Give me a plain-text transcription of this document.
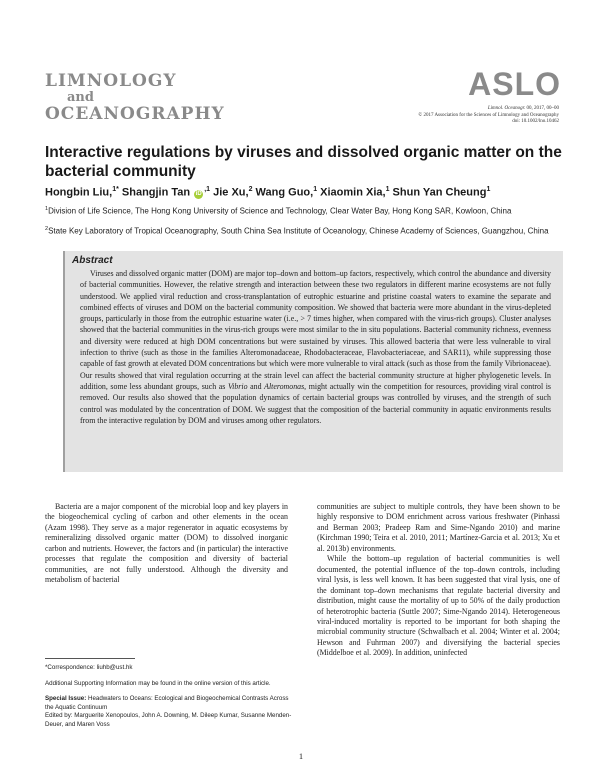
LIMNOLOGY
and
OCEANOGRAPHY
ASLO
Limnol. Oceanogr. 00, 2017, 00–00
© 2017 Association for the Sciences of Limnology and Oceanography
doi: 10.1002/lno.10462
Interactive regulations by viruses and dissolved organic matter on the bacterial community
Hongbin Liu,$^{1*}$ Shangjin Tan $iD^{,1}$ Jie Xu,$^2$ Wang Guo,$^1$ Xiaomin Xia,$^1$ Shun Yan Cheung$^1$

$^1$Division of Life Science, The Hong Kong University of Science and Technology, Clear Water Bay, Hong Kong SAR, Kowloon, China

$^2$State Key Laboratory of Tropical Oceanography, South China Sea Institute of Oceanology, Chinese Academy of Sciences, Guangzhou, China

Abstract
Viruses and dissolved organic matter (DOM) are major top–down and bottom–up factors, respectively, which control the abundance and diversity of bacterial communities. However, the relative strength and interaction between these two regulators in different marine ecosystems are not fully understood. We applied viral reduction and cross-transplantation of eutrophic estuarine and pristine coastal waters to examine the separate and combined effects of viruses and DOM on the bacterial community composition. We showed that bacteria were more abundant in the virus-depleted groups, particularly in those from the eutrophic estuarine water (i.e., > 7 times higher, when compared with the virus-rich groups). Cluster analyses showed that the bacterial communities in the virus-rich groups were most similar to the in situ populations. Bacterial community richness, evenness and diversity were reduced at high DOM concentrations but were sustained by viruses. This allowed bacteria that were less vulnerable to viral infection to thrive (such as those in the families Alteromonadaceae, Rhodobacteraceae, Flavobacteriaceae, and SAR11), while suppressing those capable of fast growth at elevated DOM concentrations but which were more vulnerable to viral attack (such as those from the family Vibrionaceae). Our results showed that viral regulation occurring at the strain level can affect the bacterial community structure at higher phylogenetic levels. In addition, some less abundant groups, such as Vibrio and Alteromonas, might actually win the competition for resources, providing viral control is removed. Our results also showed that the population dynamics of certain bacterial groups was controlled by viruses, and the strength of such control was modulated by the concentration of DOM. We suggest that the composition of the bacterial community in aquatic environments results from the interactive regulation by DOM and viruses among other regulators.

Bacteria are a major component of the microbial loop and key players in the biogeochemical cycling of carbon and other elements in the ocean (Azam 1998). They serve as a major regenerator in aquatic ecosystems by remineralizing dissolved organic matter (DOM) to dissolved inorganic carbon and nutrients. However, the factors and (in particular) the interactive processes that regulate the composition and diversity of bacterial communities, are not fully understood. Although the diversity and metabolism of bacterial

communities are subject to multiple controls, they have been shown to be highly responsive to DOM enrichment across various freshwater (Pinhassi and Berman 2003; Pradeep Ram and Sime-Ngando 2010) and marine (Kirchman 1990; Teira et al. 2010, 2011; Martínez-Garcia et al. 2013; Xu et al. 2013b) environments.

While the bottom–up regulation of bacterial communities is well documented, the potential influence of the top–down controls, including viral lysis, is less well known. It has been suggested that viral lysis, one of the dominant top–down mechanisms that regulate bacterial diversity and distribution, might cause the mortality of up to 50% of the daily production of heterotrophic bacteria (Suttle 2007; Sime-Ngando 2014). Heterogeneous viral-induced mortality is reported to be important for both shaping the microbial community structure (Schwalbach et al. 2004; Winter et al. 2004; Hewson and Fuhrman 2007) and diversifying the bacterial species (Middelboe et al. 2009). In addition, uninfected

*Correspondence: liuhb@ust.hk

Additional Supporting Information may be found in the online version of this article.

Special Issue: Headwaters to Oceans: Ecological and Biogeochemical Contrasts Across the Aquatic Continuum
Edited by: Marguerite Xenopoulos, John A. Downing, M. Dileep Kumar, Susanne Menden-Deuer, and Maren Voss

1
